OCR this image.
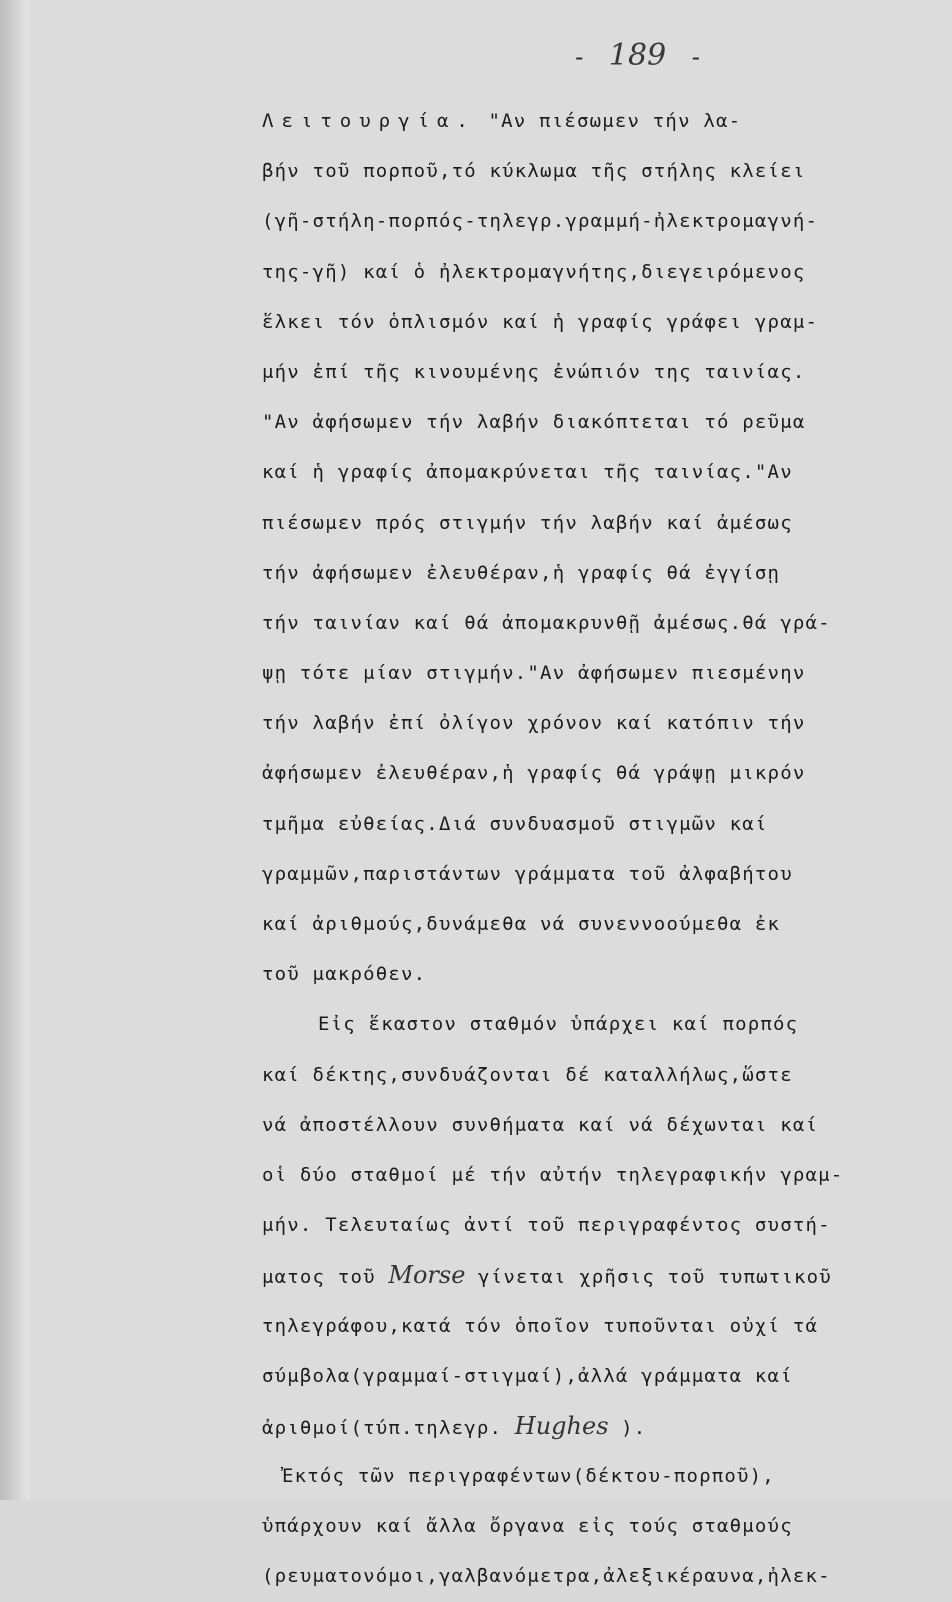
- 189 -
Λειτουργία. "Αν πιέσωμεν τήν λα-
βήν τοῦ πορποῦ,τό κύκλωμα τῆς στήλης κλείει
(γῆ-στήλη-πορπός-τηλεγρ.γραμμή-ἠλεκτρομαγνή-
της-γῆ) καί ὁ ἠλεκτρομαγνήτης,διεγειρόμενος
ἕλκει τόν ὁπλισμόν καί ἡ γραφίς γράφει γραμ-
μήν ἐπί τῆς κινουμένης ἐνώπιόν της ταινίας.
"Αν ἀφήσωμεν τήν λαβήν διακόπτεται τό ρεῦμα
καί ἡ γραφίς ἀπομακρύνεται τῆς ταινίας."Αν
πιέσωμεν πρός στιγμήν τήν λαβήν καί ἀμέσως
τήν ἀφήσωμεν ἐλευθέραν,ἡ γραφίς θά ἐγγίσῃ
τήν ταινίαν καί θά ἀπομακρυνθῇ ἀμέσως.θά γρά-
ψῃ τότε μίαν στιγμήν."Αν ἀφήσωμεν πιεσμένην
τήν λαβήν ἐπί ὀλίγον χρόνον καί κατόπιν τήν
ἀφήσωμεν ἐλευθέραν,ἡ γραφίς θά γράψῃ μικρόν
τμῆμα εὐθείας.Διά συνδυασμοῦ στιγμῶν καί
γραμμῶν,παριστάντων γράμματα τοῦ ἀλφαβήτου
καί ἀριθμούς,δυνάμεθα νά συνεννοούμεθα ἐκ
τοῦ μακρόθεν.
Εἰς ἕκαστον σταθμόν ὑπάρχει καί πορπός
καί δέκτης,συνδυάζονται δέ καταλλήλως,ὥστε
νά ἀποστέλλουν συνθήματα καί νά δέχωνται καί
οἱ δύο σταθμοί μέ τήν αὐτήν τηλεγραφικήν γραμ-
μήν. Τελευταίως ἀντί τοῦ περιγραφέντος συστή-
ματος τοῦ Morse γίνεται χρῆσις τοῦ τυπωτικοῦ
τηλεγράφου,κατά τόν ὁποῖον τυποῦνται οὐχί τά
σύμβολα(γραμμαί-στιγμαί),ἀλλά γράμματα καί
ἀριθμοί(τύπ.τηλεγρ. Hughes ).
Ἐκτός τῶν περιγραφέντων(δέκτου-πορποῦ),
ὑπάρχουν καί ἄλλα ὄργανα εἰς τούς σταθμούς
(ρευματονόμοι,γαλβανόμετρα,ἀλεξικέραυνα,ἠλεκ-
